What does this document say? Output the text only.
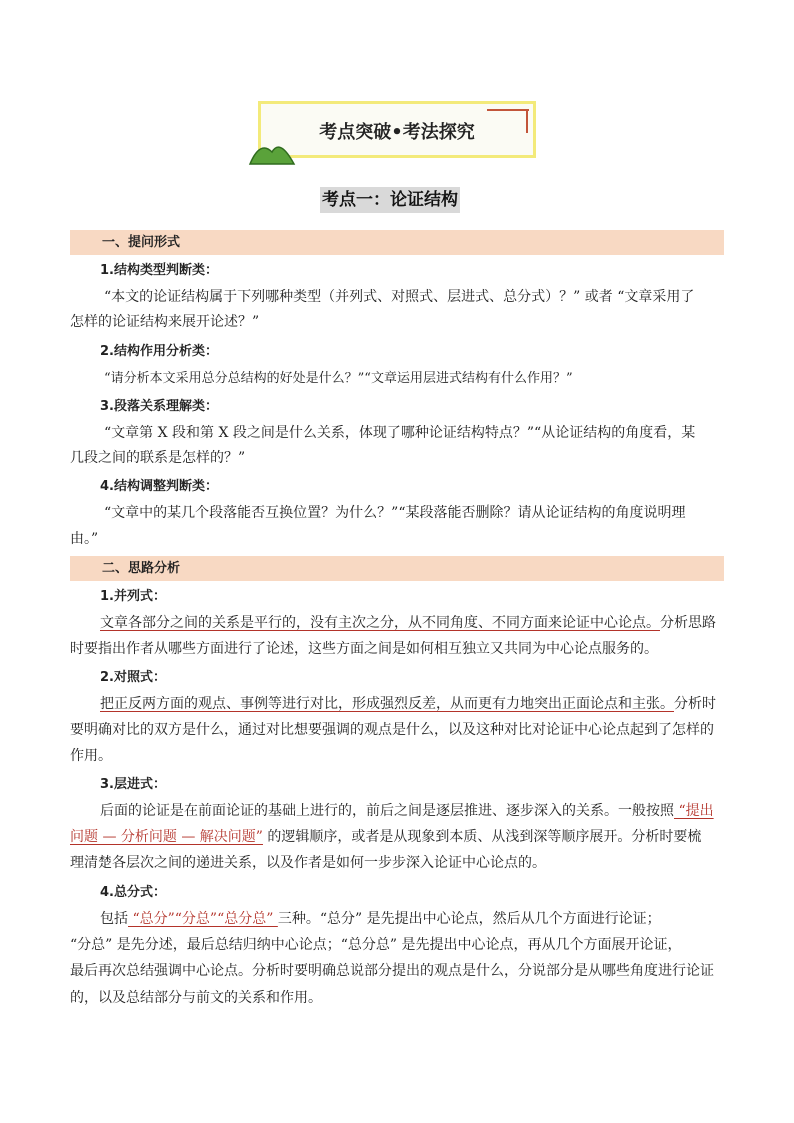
考点突破•考法探究
考点一：论证结构
一、提问形式
1.结构类型判断类：
“本文的论证结构属于下列哪种类型（并列式、对照式、层进式、总分式）？” 或者 “文章采用了
怎样的论证结构来展开论述？”
2.结构作用分析类：
“请分析本文采用总分总结构的好处是什么？”“文章运用层进式结构有什么作用？”
3.段落关系理解类：
“文章第 X 段和第 X 段之间是什么关系，体现了哪种论证结构特点？”“从论证结构的角度看，某
几段之间的联系是怎样的？”
4.结构调整判断类：
“文章中的某几个段落能否互换位置？为什么？”“某段落能否删除？请从论证结构的角度说明理
由。”
二、思路分析
1.并列式：
文章各部分之间的关系是平行的，没有主次之分，从不同角度、不同方面来论证中心论点。分析思路
时要指出作者从哪些方面进行了论述，这些方面之间是如何相互独立又共同为中心论点服务的。
2.对照式：
把正反两方面的观点、事例等进行对比，形成强烈反差，从而更有力地突出正面论点和主张。分析时
要明确对比的双方是什么，通过对比想要强调的观点是什么，以及这种对比对论证中心论点起到了怎样的
作用。
3.层进式：
后面的论证是在前面论证的基础上进行的，前后之间是逐层推进、逐步深入的关系。一般按照 “提出
问题 — 分析问题 — 解决问题” 的逻辑顺序，或者是从现象到本质、从浅到深等顺序展开。分析时要梳
理清楚各层次之间的递进关系，以及作者是如何一步步深入论证中心论点的。
4.总分式：
包括 “总分”“分总”“总分总” 三种。“总分” 是先提出中心论点，然后从几个方面进行论证；
“分总” 是先分述，最后总结归纳中心论点；“总分总” 是先提出中心论点，再从几个方面展开论证，
最后再次总结强调中心论点。分析时要明确总说部分提出的观点是什么，分说部分是从哪些角度进行论证
的，以及总结部分与前文的关系和作用。
